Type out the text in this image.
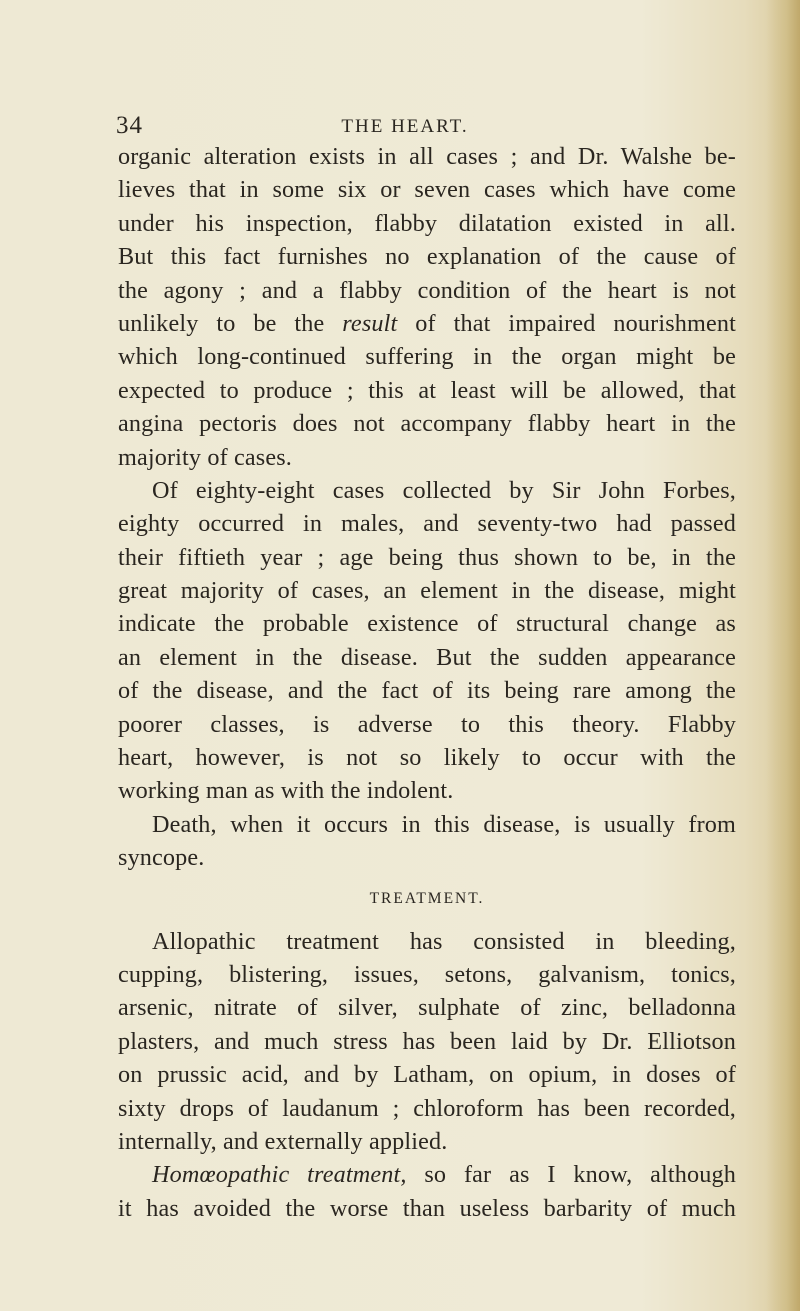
34	THE HEART.
organic alteration exists in all cases ; and Dr. Walshe be-
lieves that in some six or seven cases which have come
under his inspection, flabby dilatation existed in all.
But this fact furnishes no explanation of the cause of
the agony ; and a flabby condition of the heart is not
unlikely to be the result of that impaired nourishment
which long-continued suffering in the organ might be
expected to produce ; this at least will be allowed, that
angina pectoris does not accompany flabby heart in the
majority of cases.
Of eighty-eight cases collected by Sir John Forbes,
eighty occurred in males, and seventy-two had passed
their fiftieth year ; age being thus shown to be, in the
great majority of cases, an element in the disease, might
indicate the probable existence of structural change as
an element in the disease. But the sudden appearance
of the disease, and the fact of its being rare among the
poorer classes, is adverse to this theory. Flabby
heart, however, is not so likely to occur with the
working man as with the indolent.
Death, when it occurs in this disease, is usually from
syncope.
TREATMENT.
Allopathic treatment has consisted in bleeding,
cupping, blistering, issues, setons, galvanism, tonics,
arsenic, nitrate of silver, sulphate of zinc, belladonna
plasters, and much stress has been laid by Dr. Elliotson
on prussic acid, and by Latham, on opium, in doses of
sixty drops of laudanum ; chloroform has been recorded,
internally, and externally applied.
Homœopathic treatment, so far as I know, although
it has avoided the worse than useless barbarity of much
